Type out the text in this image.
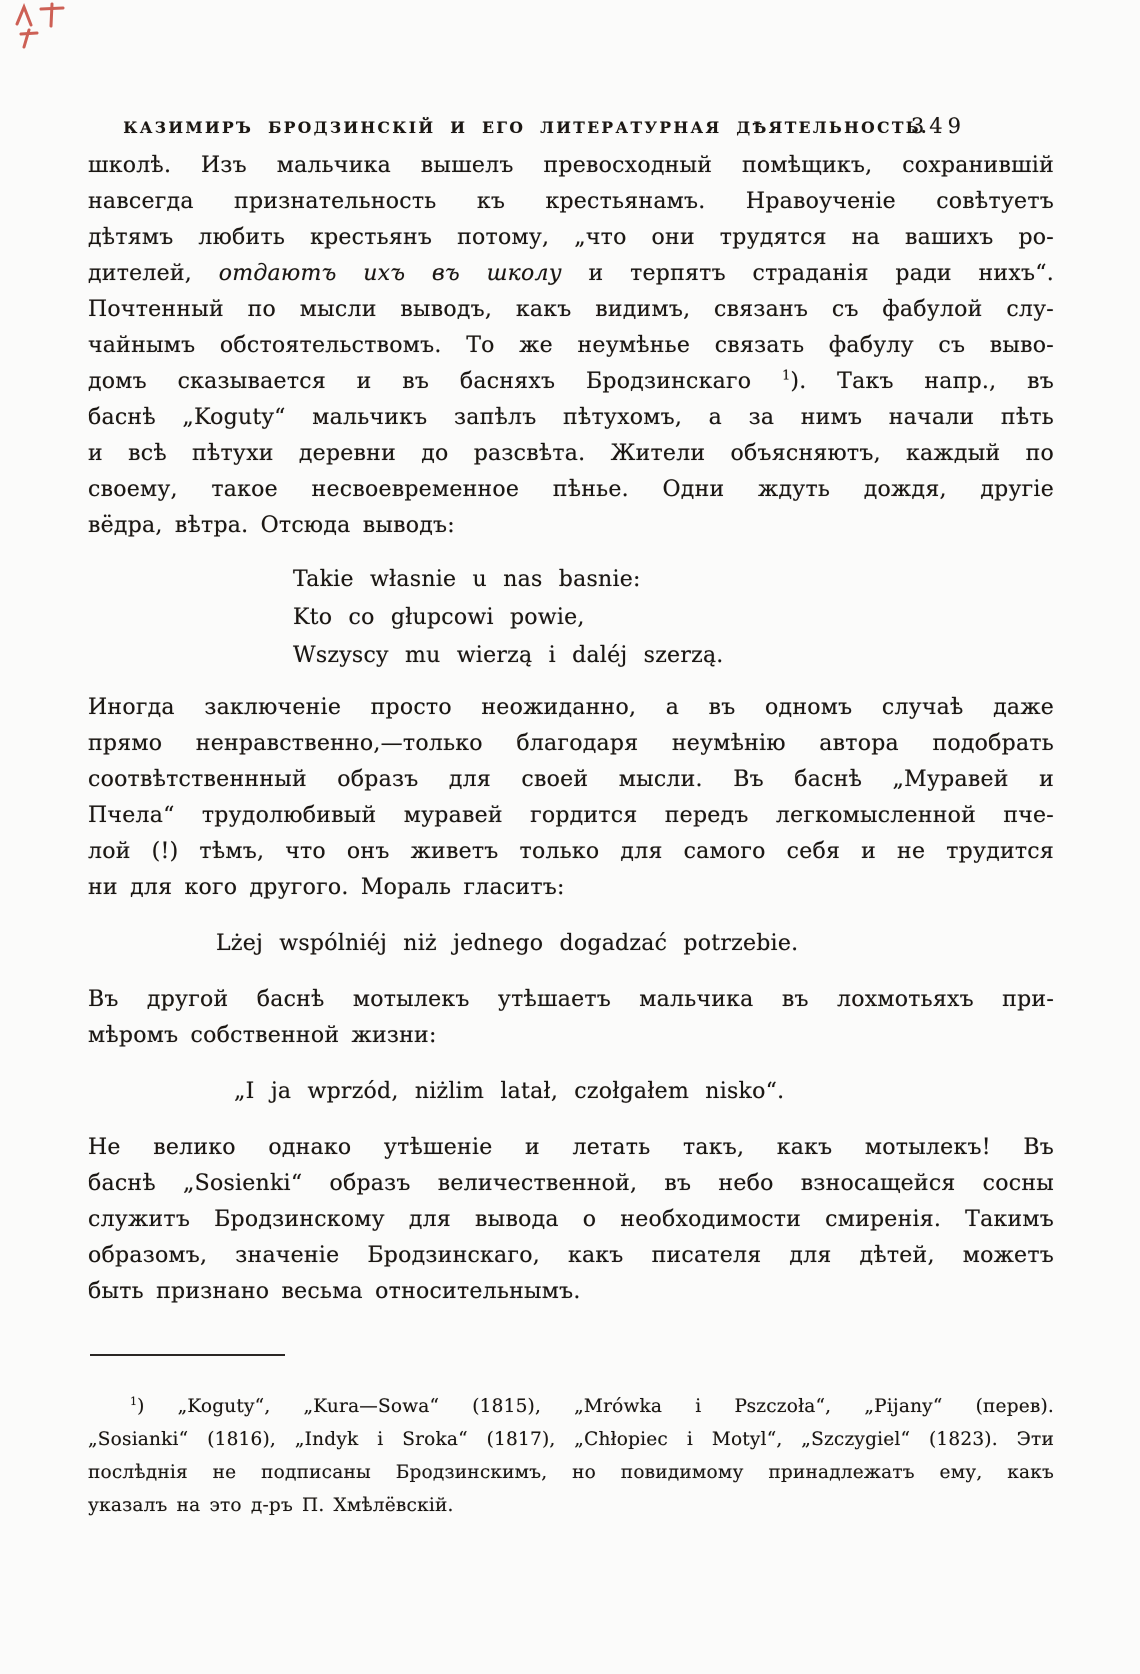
КАЗИМИРЪ БРОДЗИНСКІЙ И ЕГО ЛИТЕРАТУРНАЯ ДѢЯТЕЛЬНОСТЬ.
349
школѣ. Изъ мальчика вышелъ превосходный помѣщикъ, сохранившій
навсегда признательность къ крестьянамъ. Нравоученіе совѣтуетъ
дѣтямъ любить крестьянъ потому, „что они трудятся на вашихъ ро-
дителей, отдаютъ ихъ въ школу и терпятъ страданія ради нихъ“.
Почтенный по мысли выводъ, какъ видимъ, связанъ съ фабулой слу-
чайнымъ обстоятельствомъ. То же неумѣнье связать фабулу съ выво-
домъ сказывается и въ басняхъ Бродзинскаго $^1$). Такъ напр., въ
баснѣ „Koguty“ мальчикъ запѣлъ пѣтухомъ, а за нимъ начали пѣть
и всѣ пѣтухи деревни до разсвѣта. Жители объясняютъ, каждый по
своему, такое несвоевременное пѣнье. Одни ждуть дождя, другіе
вёдра, вѣтра. Отсюда выводъ:
Takie własnie u nas basnie:
Kto co głupcowi powie,
Wszyscy mu wierzą i daléj szerzą.
Иногда заключеніе просто неожиданно, а въ одномъ случаѣ даже
прямо ненравственно,—только благодаря неумѣнію автора подобрать
соотвѣтственнный образъ для своей мысли. Въ баснѣ „Муравей и
Пчела“ трудолюбивый муравей гордится передъ легкомысленной пче-
лой (!) тѣмъ, что онъ живетъ только для самого себя и не трудится
ни для кого другого. Мораль гласитъ:
Lżej wspólniéj niż jednego dogadzać potrzebie.
Въ другой баснѣ мотылекъ утѣшаетъ мальчика въ лохмотьяхъ при-
мѣромъ собственной жизни:
„I ja wprzód, niżlim latał, czołgałem nisko“.
Не велико однако утѣшеніе и летать такъ, какъ мотылекъ! Въ
баснѣ „Sosienki“ образъ величественной, въ небо взносащейся сосны
служитъ Бродзинскому для вывода о необходимости смиренія. Такимъ
образомъ, значеніе Бродзинскаго, какъ писателя для дѣтей, можетъ
быть признано весьма относительнымъ.
$^1$) „Koguty“, „Kura—Sowa“ (1815), „Mrówka i Pszczoła“, „Pijany“ (перев).
„Sosianki“ (1816), „Indyk i Sroka“ (1817), „Chłopiec i Motyl“, „Szczygiel“ (1823). Эти
послѣднія не подписаны Бродзинскимъ, но повидимому принадлежатъ ему, какъ
указалъ на это д-ръ П. Хмѣлёвскій.
